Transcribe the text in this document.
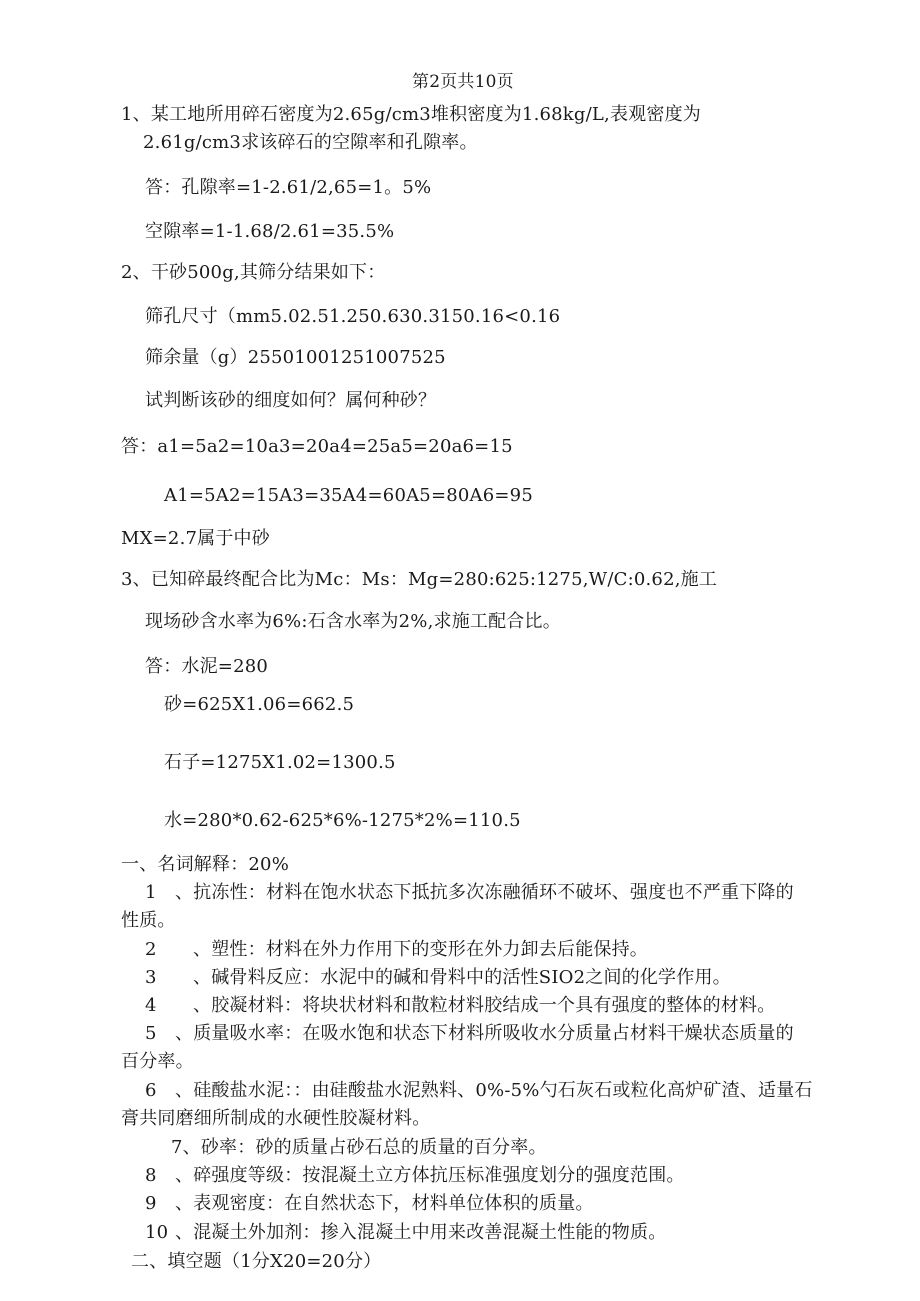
第2页共10页
1、某工地所用碎石密度为2.65g/cm3堆积密度为1.68kg/L,表观密度为
2.61g/cm3求该碎石的空隙率和孔隙率。
答：孔隙率=1-2.61/2,65=1。5%
空隙率=1-1.68/2.61=35.5%
2、干砂500g,其筛分结果如下：
筛孔尺寸（mm5.02.51.250.630.3150.16<0.16
筛余量（g）25501001251007525
试判断该砂的细度如何？属何种砂？
答：a1=5a2=10a3=20a4=25a5=20a6=15
A1=5A2=15A3=35A4=60A5=80A6=95
MX=2.7属于中砂
3、已知碎最终配合比为Mc：Ms：Mg=280:625:1275,W/C:0.62,施工
现场砂含水率为6%:石含水率为2%,求施工配合比。
答：水泥=280
砂=625X1.06=662.5
石子=1275X1.02=1300.5
水=280*0.62-625*6%-1275*2%=110.5
一、名词解释：20%
1 、抗冻性：材料在饱水状态下抵抗多次冻融循环不破坏、强度也不严重下降的
性质。
2 、塑性：材料在外力作用下的变形在外力卸去后能保持。
3 、碱骨料反应：水泥中的碱和骨料中的活性SIO2之间的化学作用。
4 、胶凝材料：将块状材料和散粒材料胶结成一个具有强度的整体的材料。
5 、质量吸水率：在吸水饱和状态下材料所吸收水分质量占材料干燥状态质量的
百分率。
6 、硅酸盐水泥：：由硅酸盐水泥熟料、0%-5%勺石灰石或粒化高炉矿渣、适量石
膏共同磨细所制成的水硬性胶凝材料。
7、砂率：砂的质量占砂石总的质量的百分率。
8 、碎强度等级：按混凝土立方体抗压标准强度划分的强度范围。
9 、表观密度：在自然状态下，材料单位体积的质量。
10 、混凝土外加剂：掺入混凝土中用来改善混凝土性能的物质。
二、填空题（1分X20=20分）
